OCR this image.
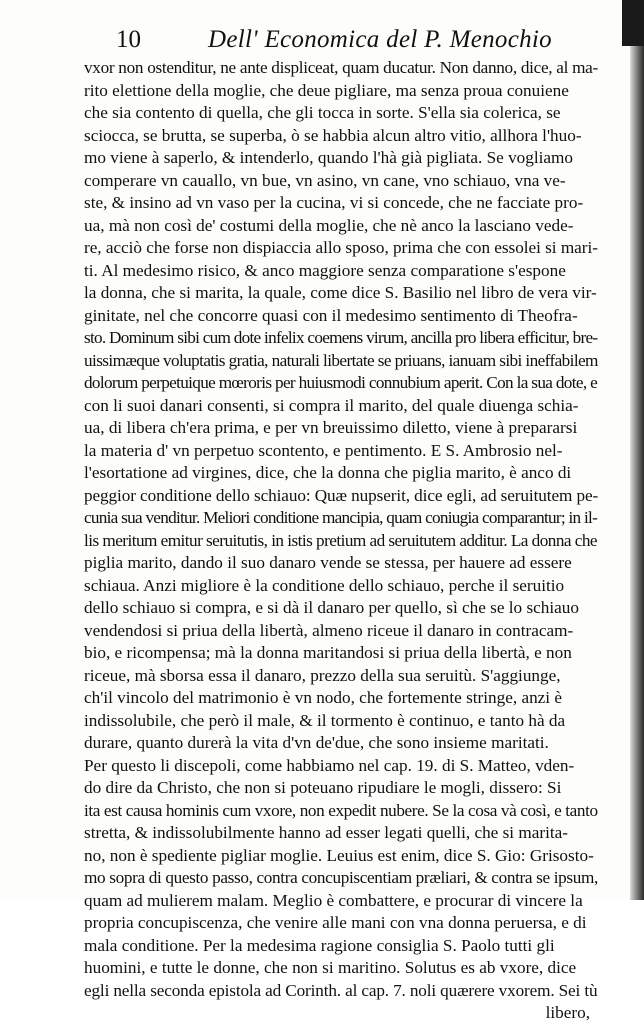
10	Dell' Economica del P. Menochio
vxor non ostenditur, ne ante displiceat, quam ducatur. Non danno, dice, al ma-
rito elettione della moglie, che deue pigliare, ma senza proua conuiene
che sia contento di quella, che gli tocca in sorte. S'ella sia colerica, se
sciocca, se brutta, se superba, ò se habbia alcun altro vitio, allhora l'huo-
mo viene à saperlo, & intenderlo, quando l'hà già pigliata. Se vogliamo
comperare vn cauallo, vn bue, vn asino, vn cane, vno schiauo, vna ve-
ste, & insino ad vn vaso per la cucina, vi si concede, che ne facciate pro-
ua, mà non così de' costumi della moglie, che nè anco la lasciano vede-
re, acciò che forse non dispiaccia allo sposo, prima che con essolei si mari-
ti. Al medesimo risico, & anco maggiore senza comparatione s'espone
la donna, che si marita, la quale, come dice S. Basilio nel libro de vera vir-
ginitate, nel che concorre quasi con il medesimo sentimento di Theofra-
sto. Dominum sibi cum dote infelix coemens virum, ancilla pro libera efficitur, bre-
uissimæque voluptatis gratia, naturali libertate se priuans, ianuam sibi ineffabilem
dolorum perpetuique mœroris per huiusmodi connubium aperit. Con la sua dote, e
con li suoi danari consenti, si compra il marito, del quale diuenga schia-
ua, di libera ch'era prima, e per vn breuissimo diletto, viene à prepararsi
la materia d' vn perpetuo scontento, e pentimento. E S. Ambrosio nel-
l'esortatione ad virgines, dice, che la donna che piglia marito, è anco di
peggior conditione dello schiauo: Quæ nupserit, dice egli, ad seruitutem pe-
cunia sua venditur. Meliori conditione mancipia, quam coniugia comparantur; in il-
lis meritum emitur seruitutis, in istis pretium ad seruitutem additur. La donna che
piglia marito, dando il suo danaro vende se stessa, per hauere ad essere
schiaua. Anzi migliore è la conditione dello schiauo, perche il seruitio
dello schiauo si compra, e si dà il danaro per quello, sì che se lo schiauo
vendendosi si priua della libertà, almeno riceue il danaro in contracam-
bio, e ricompensa; mà la donna maritandosi si priua della libertà, e non
riceue, mà sborsa essa il danaro, prezzo della sua seruitù. S'aggiunge,
ch'il vincolo del matrimonio è vn nodo, che fortemente stringe, anzi è
indissolubile, che però il male, & il tormento è continuo, e tanto hà da
durare, quanto durerà la vita d'vn de'due, che sono insieme maritati.
Per questo li discepoli, come habbiamo nel cap. 19. di S. Matteo, vden-
do dire da Christo, che non si poteuano ripudiare le mogli, dissero: Si
ita est causa hominis cum vxore, non expedit nubere. Se la cosa và così, e tanto
stretta, & indissolubilmente hanno ad esser legati quelli, che si marita-
no, non è spediente pigliar moglie. Leuius est enim, dice S. Gio: Grisosto-
mo sopra di questo passo, contra concupiscentiam præliari, & contra se ipsum,
quam ad mulierem malam. Meglio è combattere, e procurar di vincere la
propria concupiscenza, che venire alle mani con vna donna peruersa, e di
mala conditione. Per la medesima ragione consiglia S. Paolo tutti gli
huomini, e tutte le donne, che non si maritino. Solutus es ab vxore, dice
egli nella seconda epistola ad Corinth. al cap. 7. noli quærere vxorem. Sei tù
libero,
